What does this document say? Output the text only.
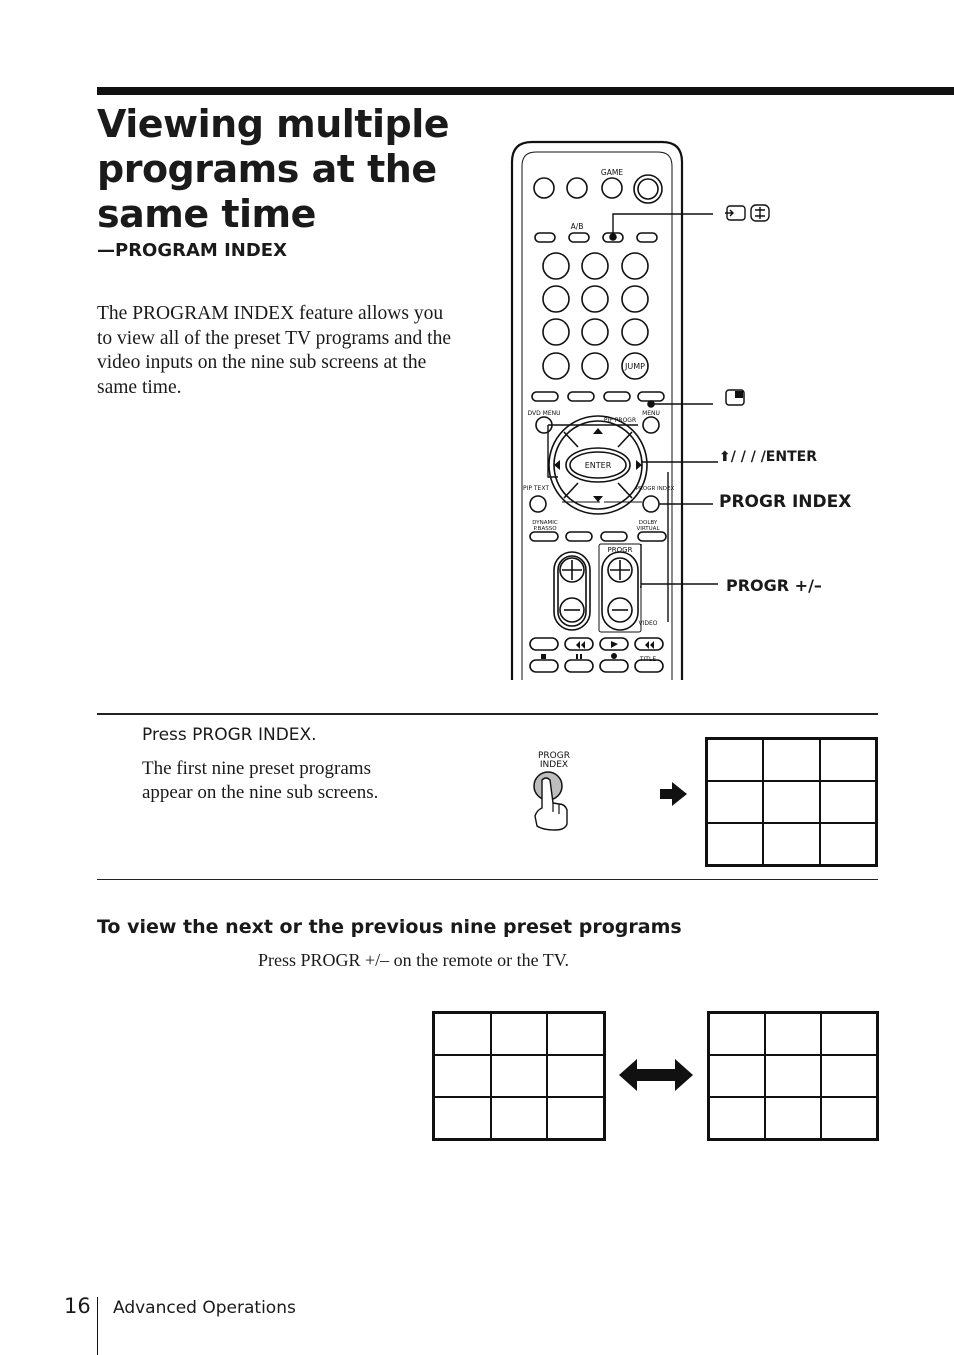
Viewing multiple programs at the same time
—PROGRAM INDEX

The PROGRAM INDEX feature allows you to view all of the preset TV programs and the video inputs on the nine sub screens at the same time.

GAME
A/B
DVD MENU
PIP PROGR
MENU
ENTER
PIP TEXT	PROGR INDEX
DYNAMIC
P.BASSO
DOLBY
VIRTUAL
PROGR
VIDEO
TITLE
JUMP
⬆/ / / /ENTER
PROGR INDEX
PROGR +/–
Press PROGR INDEX.

The first nine preset programs appear on the nine sub screens.

PROGR
INDEX
To view the next or the previous nine preset programs
Press PROGR +/– on the remote or the TV.
16 Advanced Operations
